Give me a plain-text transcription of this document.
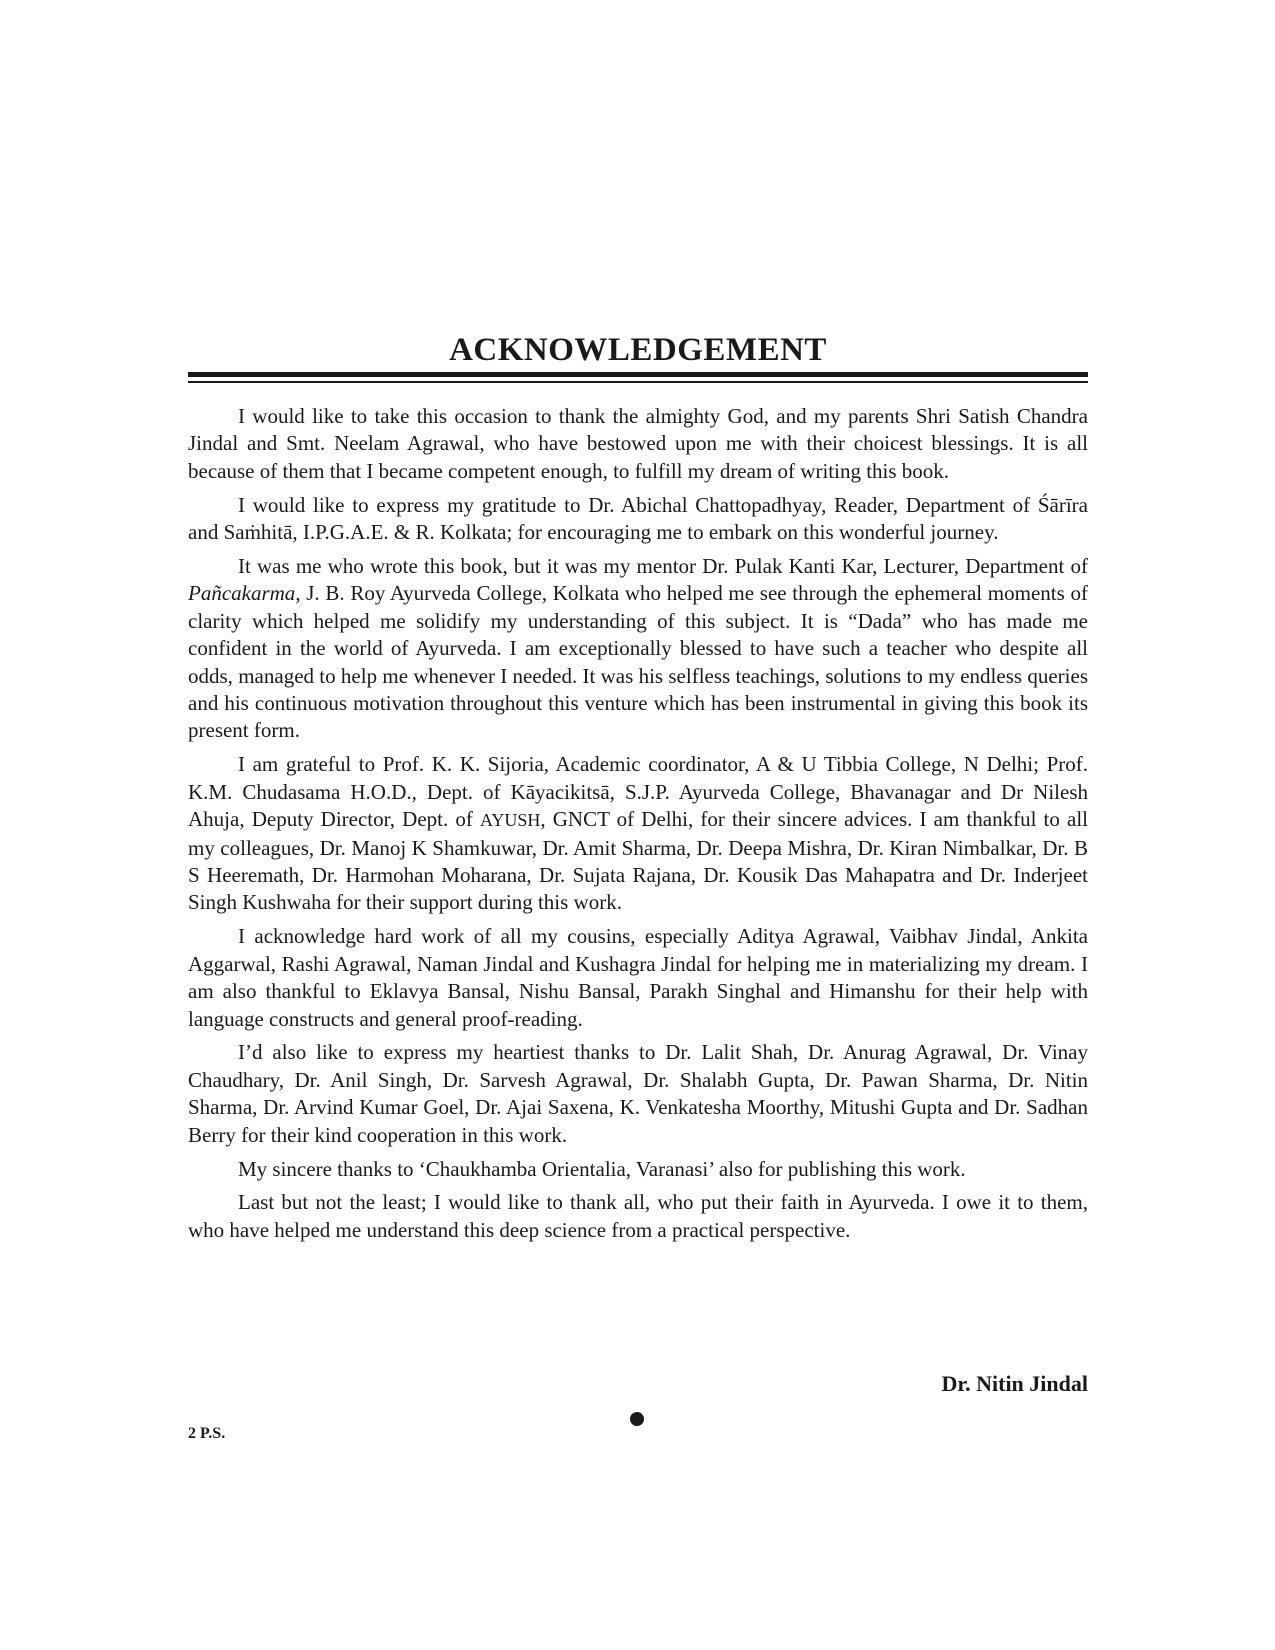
ACKNOWLEDGEMENT

I would like to take this occasion to thank the almighty God, and my parents Shri Satish Chandra Jindal and Smt. Neelam Agrawal, who have bestowed upon me with their choicest blessings. It is all because of them that I became competent enough, to fulfill my dream of writing this book.

I would like to express my gratitude to Dr. Abichal Chattopadhyay, Reader, Department of Śārīra and Saṁhitā, I.P.G.A.E. & R. Kolkata; for encouraging me to embark on this wonderful journey.

It was me who wrote this book, but it was my mentor Dr. Pulak Kanti Kar, Lecturer, Department of Pañcakarma, J. B. Roy Ayurveda College, Kolkata who helped me see through the ephemeral moments of clarity which helped me solidify my understanding of this subject. It is “Dada” who has made me confident in the world of Ayurveda. I am exceptionally blessed to have such a teacher who despite all odds, managed to help me whenever I needed. It was his selfless teachings, solutions to my endless queries and his continuous motivation throughout this venture which has been instrumental in giving this book its present form.

I am grateful to Prof. K. K. Sijoria, Academic coordinator, A & U Tibbia College, N Delhi; Prof. K.M. Chudasama H.O.D., Dept. of Kāyacikitsā, S.J.P. Ayurveda College, Bhavanagar and Dr Nilesh Ahuja, Deputy Director, Dept. of AYUSH, GNCT of Delhi, for their sincere advices. I am thankful to all my colleagues, Dr. Manoj K Shamkuwar, Dr. Amit Sharma, Dr. Deepa Mishra, Dr. Kiran Nimbalkar, Dr. B S Heeremath, Dr. Harmohan Moharana, Dr. Sujata Rajana, Dr. Kousik Das Mahapatra and Dr. Inderjeet Singh Kushwaha for their support during this work.

I acknowledge hard work of all my cousins, especially Aditya Agrawal, Vaibhav Jindal, Ankita Aggarwal, Rashi Agrawal, Naman Jindal and Kushagra Jindal for helping me in materializing my dream. I am also thankful to Eklavya Bansal, Nishu Bansal, Parakh Singhal and Himanshu for their help with language constructs and general proof-reading.

I’d also like to express my heartiest thanks to Dr. Lalit Shah, Dr. Anurag Agrawal, Dr. Vinay Chaudhary, Dr. Anil Singh, Dr. Sarvesh Agrawal, Dr. Shalabh Gupta, Dr. Pawan Sharma, Dr. Nitin Sharma, Dr. Arvind Kumar Goel, Dr. Ajai Saxena, K. Venkatesha Moorthy, Mitushi Gupta and Dr. Sadhan Berry for their kind cooperation in this work.

My sincere thanks to ‘Chaukhamba Orientalia, Varanasi’ also for publishing this work.

Last but not the least; I would like to thank all, who put their faith in Ayurveda. I owe it to them, who have helped me understand this deep science from a practical perspective.

Dr. Nitin Jindal
2 P.S.
